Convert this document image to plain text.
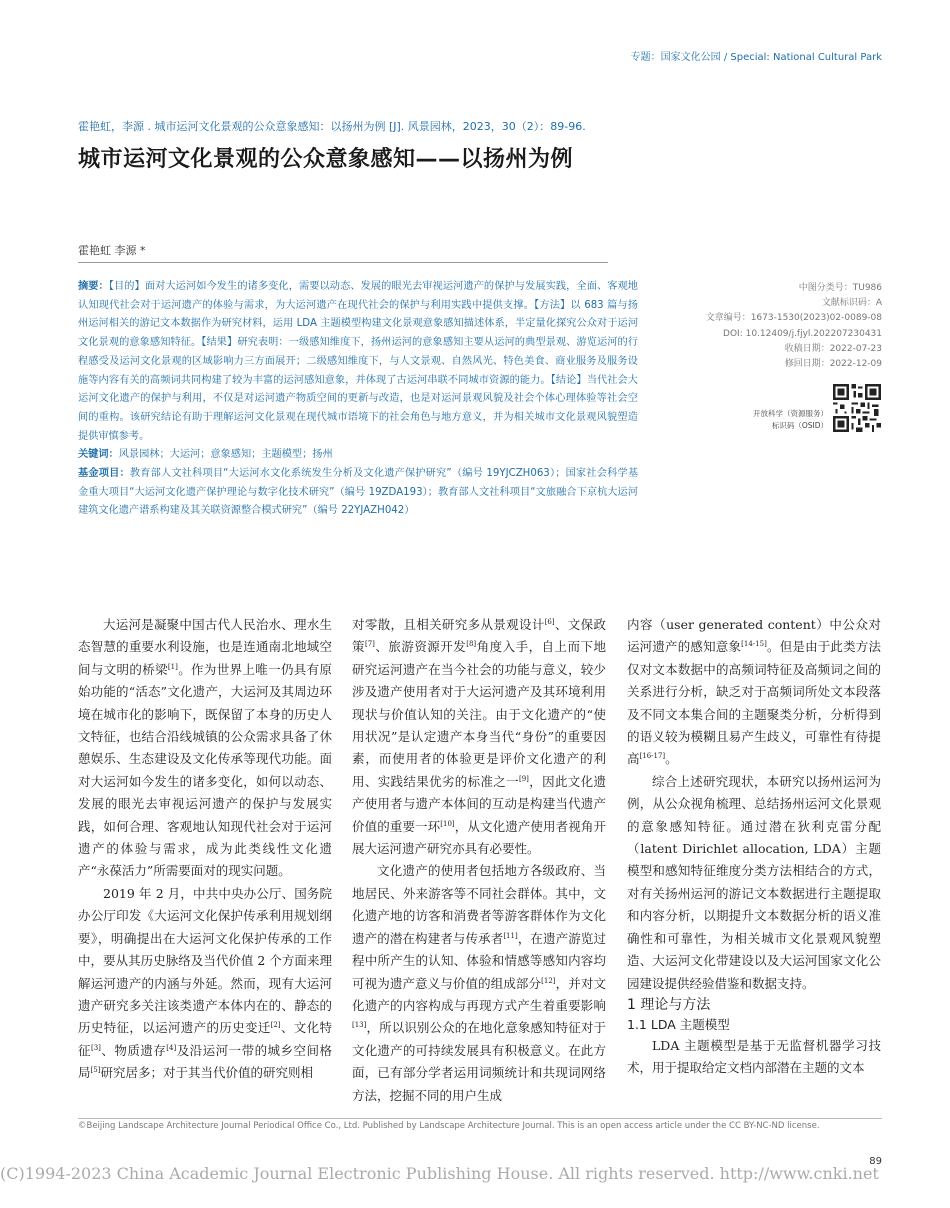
专题：国家文化公园 / Special: National Cultural Park
霍艳虹，李源 . 城市运河文化景观的公众意象感知：以扬州为例 [J]. 风景园林，2023，30（2）：89-96.
城市运河文化景观的公众意象感知——以扬州为例
霍艳虹 李源 *

摘要：【目的】面对大运河如今发生的诸多变化，需要以动态、发展的眼光去审视运河遗产的保护与发展实践，全面、客观地认知现代社会对于运河遗产的体验与需求，为大运河遗产在现代社会的保护与利用实践中提供支撑。【方法】以 683 篇与扬州运河相关的游记文本数据作为研究材料，运用 LDA 主题模型构建文化景观意象感知描述体系，半定量化探究公众对于运河文化景观的意象感知特征。【结果】研究表明：一级感知维度下，扬州运河的意象感知主要从运河的典型景观、游览运河的行程感受及运河文化景观的区域影响力三方面展开；二级感知维度下，与人文景观、自然风光、特色美食、商业服务及服务设施等内容有关的高频词共同构建了较为丰富的运河感知意象，并体现了古运河串联不同城市资源的能力。【结论】当代社会大运河文化遗产的保护与利用，不仅是对运河遗产物质空间的更新与改造，也是对运河景观风貌及社会个体心理体验等社会空间的重构。该研究结论有助于理解运河文化景观在现代城市语境下的社会角色与地方意义，并为相关城市文化景观风貌塑造提供审慎参考。

关键词：风景园林；大运河；意象感知；主题模型；扬州

基金项目：教育部人文社科项目“大运河水文化系统发生分析及文化遗产保护研究”（编号 19YJCZH063）；国家社会科学基金重大项目“大运河文化遗产保护理论与数字化技术研究”（编号 19ZDA193）；教育部人文社科项目“文旅融合下京杭大运河建筑文化遗产谱系构建及其关联资源整合模式研究”（编号 22YJAZH042）

中图分类号：TU986
文献标识码：A
文章编号：1673-1530(2023)02-0089-08
DOI: 10.12409/j.fjyl.202207230431
收稿日期：2022-07-23
修回日期：2022-12-09
开放科学（资源服务）
标识码（OSID）

大运河是凝聚中国古代人民治水、理水生态智慧的重要水利设施，也是连通南北地域空间与文明的桥梁[1]。作为世界上唯一仍具有原始功能的“活态”文化遗产，大运河及其周边环境在城市化的影响下，既保留了本身的历史人文特征，也结合沿线城镇的公众需求具备了休憩娱乐、生态建设及文化传承等现代功能。面对大运河如今发生的诸多变化，如何以动态、发展的眼光去审视运河遗产的保护与发展实践，如何合理、客观地认知现代社会对于运河遗产的体验与需求，成为此类线性文化遗产“永葆活力”所需要面对的现实问题。

2019 年 2 月，中共中央办公厅、国务院办公厅印发《大运河文化保护传承利用规划纲要》，明确提出在大运河文化保护传承的工作中，要从其历史脉络及当代价值 2 个方面来理解运河遗产的内涵与外延。然而，现有大运河遗产研究多关注该类遗产本体内在的、静态的历史特征，以运河遗产的历史变迁[2]、文化特征[3]、物质遗存[4]及沿运河一带的城乡空间格局[5]研究居多；对于其当代价值的研究则相

对零散，且相关研究多从景观设计[6]、文保政策[7]、旅游资源开发[8]角度入手，自上而下地研究运河遗产在当今社会的功能与意义，较少涉及遗产使用者对于大运河遗产及其环境利用现状与价值认知的关注。由于文化遗产的“使用状况”是认定遗产本身当代“身份”的重要因素，而使用者的体验更是评价文化遗产的利用、实践结果优劣的标准之一[9]，因此文化遗产使用者与遗产本体间的互动是构建当代遗产价值的重要一环[10]，从文化遗产使用者视角开展大运河遗产研究亦具有必要性。

文化遗产的使用者包括地方各级政府、当地居民、外来游客等不同社会群体。其中，文化遗产地的访客和消费者等游客群体作为文化遗产的潜在构建者与传承者[11]，在遗产游览过程中所产生的认知、体验和情感等感知内容均可视为遗产意义与价值的组成部分[12]，并对文化遗产的内容构成与再现方式产生着重要影响[13]，所以识别公众的在地化意象感知特征对于文化遗产的可持续发展具有积极意义。在此方面，已有部分学者运用词频统计和共现词网络方法，挖掘不同的用户生成

内容（user generated content）中公众对运河遗产的感知意象[14-15]。但是由于此类方法仅对文本数据中的高频词特征及高频词之间的关系进行分析，缺乏对于高频词所处文本段落及不同文本集合间的主题聚类分析，分析得到的语义较为模糊且易产生歧义，可靠性有待提高[16-17]。

综合上述研究现状，本研究以扬州运河为例，从公众视角梳理、总结扬州运河文化景观的意象感知特征。通过潜在狄利克雷分配（latent Dirichlet allocation, LDA）主题模型和感知特征维度分类方法相结合的方式，对有关扬州运河的游记文本数据进行主题提取和内容分析，以期提升文本数据分析的语义准确性和可靠性，为相关城市文化景观风貌塑造、大运河文化带建设以及大运河国家文化公园建设提供经验借鉴和数据支持。

1 理论与方法

1.1 LDA 主题模型

LDA 主题模型是基于无监督机器学习技术，用于提取给定文档内部潜在主题的文本

©Beijing Landscape Architecture Journal Periodical Office Co., Ltd. Published by Landscape Architecture Journal. This is an open access article under the CC BY-NC-ND license.
89
(C)1994-2023 China Academic Journal Electronic Publishing House. All rights reserved. http://www.cnki.net
